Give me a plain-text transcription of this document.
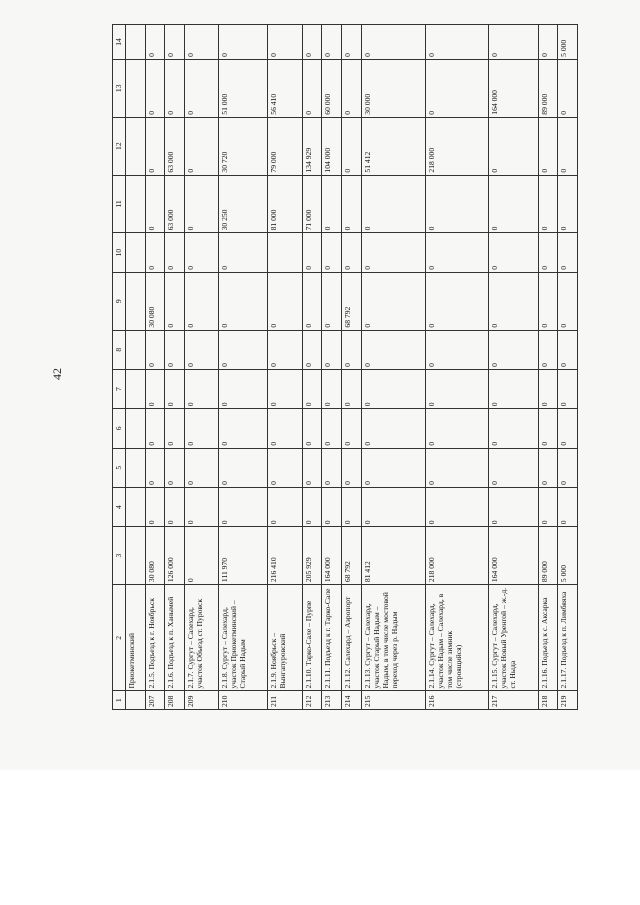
42
1	2	3	4	5	6	7	8	9	10	11	12	13	14
	Приокетминский												
207	2.1.5. Подъезд к г. Ноябрьск	30 080	0	0	0	0	0	30 080	0	0	0	0	0
208	2.1.6. Подъезд к п. Ханымей	126 000	0	0	0	0	0	0	0	63 000	63 000	0	0
209	2.1.7. Сургут – Салехард, участок Объезд ст. Пуровск	0	0	0	0	0	0	0	0	0	0	0	0
210	2.1.8. Сургут – Салехард, участок Приокетминский – Старый Надым	111 970	0	0	0	0	0	0	0	30 250	30 720	51 000	0
211	2.1.9. Ноябрьск – Вынгапуровский	216 410	0	0	0	0	0	0		81 000	79 000	56 410	0
212	2.1.10. Тарко-Сале – Пурпе	205 929	0	0	0	0	0	0	0	71 000	134 929	0	0
213	2.1.11. Подъезд к г. Тарко-Сале	164 000	0	0	0	0	0	0	0	0	104 000	60 000	0
214	2.1.12. Салехард – Аэропорт	68 792	0	0	0	0	0	68 792	0	0	0	0	0
215	2.1.13. Сургут – Салехард, участок Старый Надым – Надым, в том числе мостовой переход через р. Надым	81 412	0	0	0	0	0	0	0	0	51 412	30 000	0
216	2.1.14. Сургут – Салехард, участок Надым – Салехард, в том числе зимник (строящийся)	218 000	0	0	0	0	0	0	0	0	218 000	0	0
217	2.1.15. Сургут – Салехард, участок Новый Уренгой – ж.-д. ст. Ныда	164 000	0	0	0	0	0	0	0	0	0	164 000	0
218	2.1.16. Подъезд к с. Аксарка	89 000	0	0	0	0	0	0	0	0	0	89 000	0
219	2.1.17. Подъезд к п. Лимбяяха	5 000	0	0	0	0	0	0	0	0	0	0	5 000
